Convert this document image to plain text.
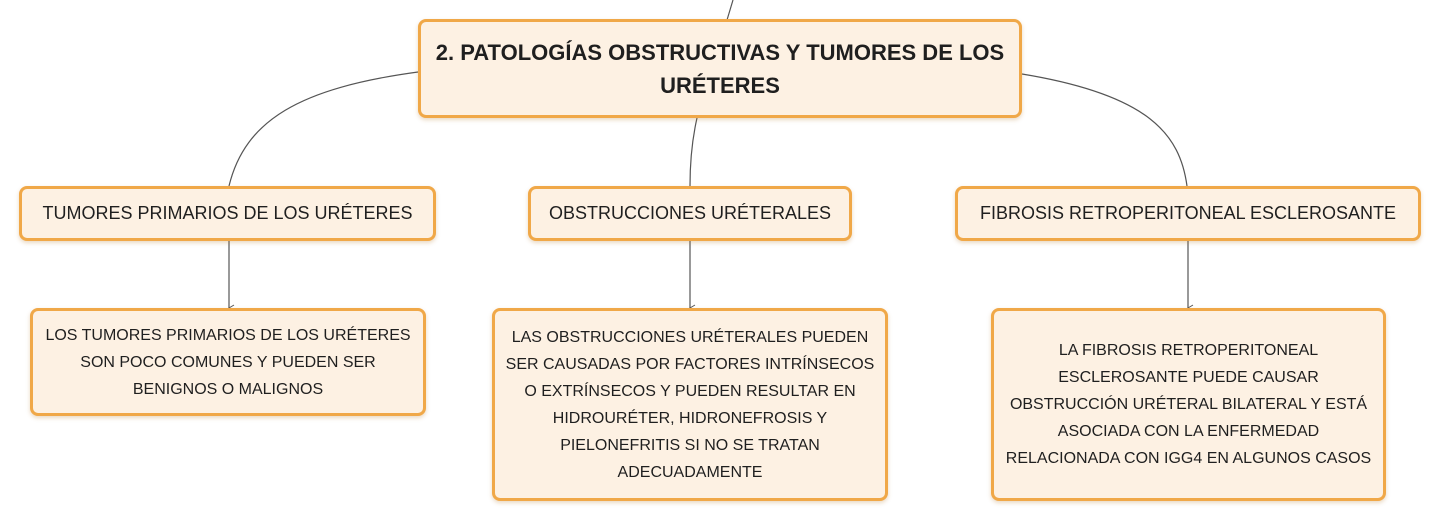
2. PATOLOGÍAS OBSTRUCTIVAS Y TUMORES DE LOS URÉTERES
TUMORES PRIMARIOS DE LOS URÉTERES	OBSTRUCCIONES URÉTERALES	FIBROSIS RETROPERITONEAL ESCLEROSANTE
LOS TUMORES PRIMARIOS DE LOS URÉTERES SON POCO COMUNES Y PUEDEN SER BENIGNOS O MALIGNOS
LAS OBSTRUCCIONES URÉTERALES PUEDEN SER CAUSADAS POR FACTORES INTRÍNSECOS O EXTRÍNSECOS Y PUEDEN RESULTAR EN HIDROURÉTER, HIDRONEFROSIS Y PIELONEFRITIS SI NO SE TRATAN ADECUADAMENTE
LA FIBROSIS RETROPERITONEAL ESCLEROSANTE PUEDE CAUSAR OBSTRUCCIÓN URÉTERAL BILATERAL Y ESTÁ ASOCIADA CON LA ENFERMEDAD RELACIONADA CON IGG4 EN ALGUNOS CASOS
